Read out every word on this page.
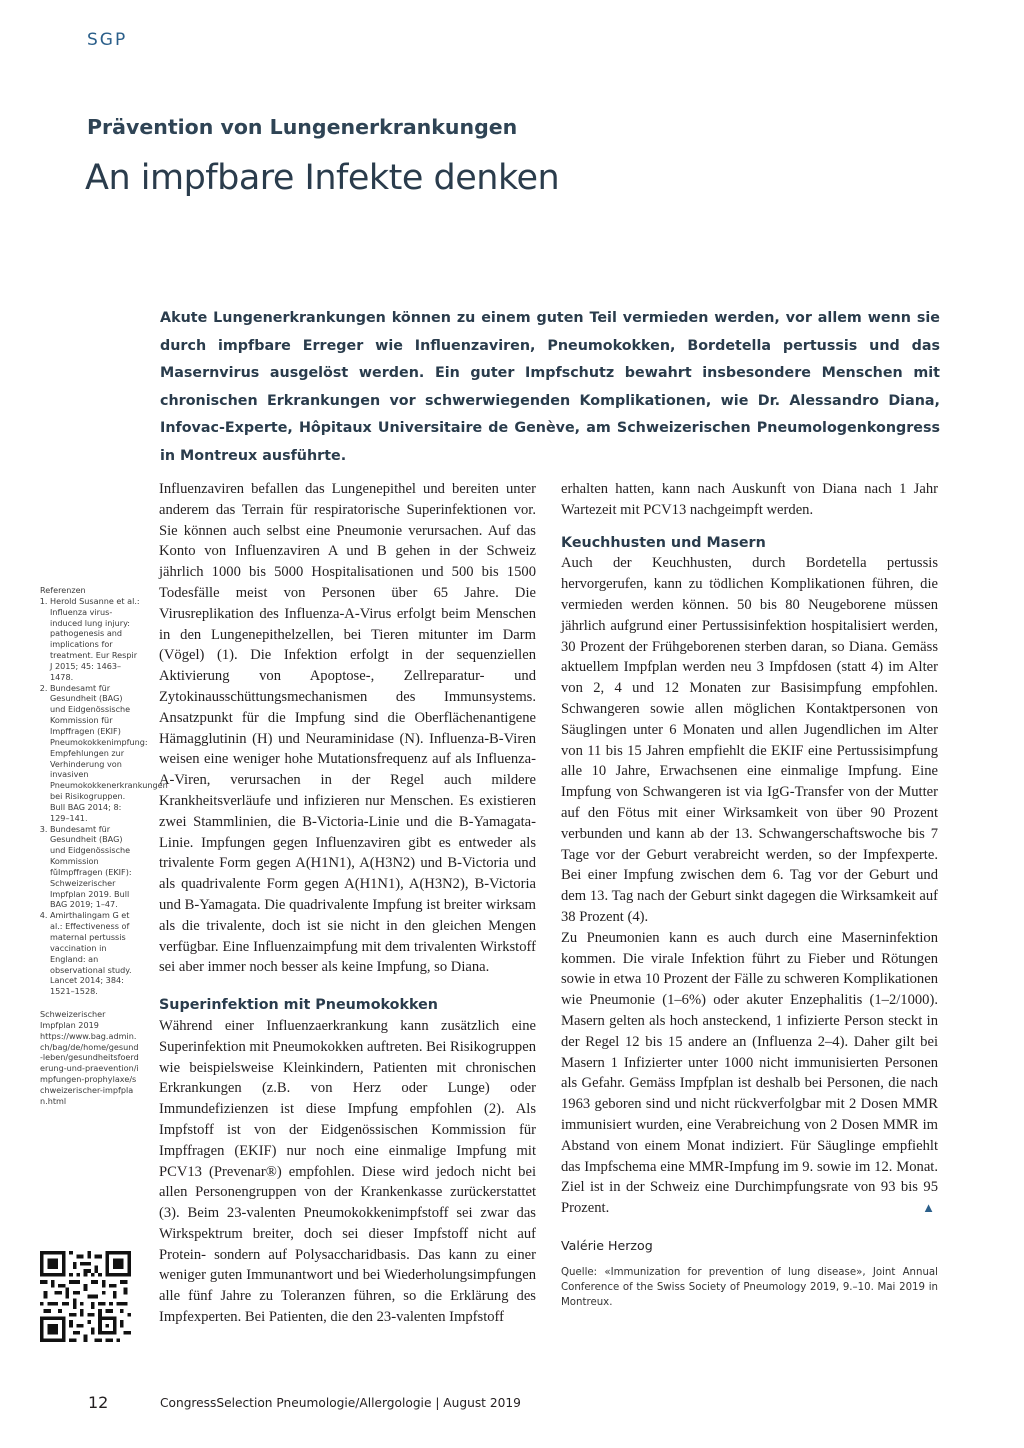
SGP
Prävention von Lungenerkrankungen
An impfbare Infekte denken
Akute Lungenerkrankungen können zu einem guten Teil vermieden werden, vor allem wenn sie durch impfbare Erreger wie Influenzaviren, Pneumokokken, Bordetella pertussis und das Masernvirus ausgelöst werden. Ein guter Impfschutz bewahrt insbesondere Menschen mit chronischen Erkrankungen vor schwerwiegenden Komplikationen, wie Dr. Alessandro Diana, Infovac-Experte, Hôpitaux Universitaire de Genève, am Schweizerischen Pneumologenkongress in Montreux ausführte.

Influenzaviren befallen das Lungenepithel und bereiten unter anderem das Terrain für respiratorische Superinfektionen vor. Sie können auch selbst eine Pneumonie verursachen. Auf das Konto von Influenzaviren A und B gehen in der Schweiz jährlich 1000 bis 5000 Hospitalisationen und 500 bis 1500 Todesfälle meist von Personen über 65 Jahre. Die Virusreplikation des Influenza-A-Virus erfolgt beim Menschen in den Lungenepithelzellen, bei Tieren mitunter im Darm (Vögel) (1). Die Infektion erfolgt in der sequenziellen Aktivierung von Apoptose-, Zellreparatur- und Zytokinausschüttungsmechanismen des Immunsystems. Ansatzpunkt für die Impfung sind die Oberflächenantigene Hämagglutinin (H) und Neuraminidase (N). Influenza-B-Viren weisen eine weniger hohe Mutationsfrequenz auf als Influenza-A-Viren, verursachen in der Regel auch mildere Krankheitsverläufe und infizieren nur Menschen. Es existieren zwei Stammlinien, die B-Victoria-Linie und die B-Yamagata-Linie. Impfungen gegen Influenzaviren gibt es entweder als trivalente Form gegen A(H1N1), A(H3N2) und B-Victoria und als quadrivalente Form gegen A(H1N1), A(H3N2), B-Victoria und B-Yamagata. Die quadrivalente Impfung ist breiter wirksam als die trivalente, doch ist sie nicht in den gleichen Mengen verfügbar. Eine Influenzaimpfung mit dem trivalenten Wirkstoff sei aber immer noch besser als keine Impfung, so Diana.

Superinfektion mit Pneumokokken

Während einer Influenzaerkrankung kann zusätzlich eine Superinfektion mit Pneumokokken auftreten. Bei Risikogruppen wie beispielsweise Kleinkindern, Patienten mit chronischen Erkrankungen (z.B. von Herz oder Lunge) oder Immundefizienzen ist diese Impfung empfohlen (2). Als Impfstoff ist von der Eidgenössischen Kommission für Impffragen (EKIF) nur noch eine einmalige Impfung mit PCV13 (Prevenar®) empfohlen. Diese wird jedoch nicht bei allen Personengruppen von der Krankenkasse zurückerstattet (3). Beim 23-valenten Pneumokokkenimpfstoff sei zwar das Wirkspektrum breiter, doch sei dieser Impfstoff nicht auf Protein- sondern auf Polysaccharidbasis. Das kann zu einer weniger guten Immunantwort und bei Wiederholungsimpfungen alle fünf Jahre zu Toleranzen führen, so die Erklärung des Impfexperten. Bei Patienten, die den 23-valenten Impfstoff

erhalten hatten, kann nach Auskunft von Diana nach 1 Jahr Wartezeit mit PCV13 nachgeimpft werden.
Keuchhusten und Masern

Auch der Keuchhusten, durch Bordetella pertussis hervorgerufen, kann zu tödlichen Komplikationen führen, die vermieden werden können. 50 bis 80 Neugeborene müssen jährlich aufgrund einer Pertussisinfektion hospitalisiert werden, 30 Prozent der Frühgeborenen sterben daran, so Diana. Gemäss aktuellem Impfplan werden neu 3 Impfdosen (statt 4) im Alter von 2, 4 und 12 Monaten zur Basisimpfung empfohlen. Schwangeren sowie allen möglichen Kontaktpersonen von Säuglingen unter 6 Monaten und allen Jugendlichen im Alter von 11 bis 15 Jahren empfiehlt die EKIF eine Pertussisimpfung alle 10 Jahre, Erwachsenen eine einmalige Impfung. Eine Impfung von Schwangeren ist via IgG-Transfer von der Mutter auf den Fötus mit einer Wirksamkeit von über 90 Prozent verbunden und kann ab der 13. Schwangerschaftswoche bis 7 Tage vor der Geburt verabreicht werden, so der Impfexperte. Bei einer Impfung zwischen dem 6. Tag vor der Geburt und dem 13. Tag nach der Geburt sinkt dagegen die Wirksamkeit auf 38 Prozent (4).

Zu Pneumonien kann es auch durch eine Maserninfektion kommen. Die virale Infektion führt zu Fieber und Rötungen sowie in etwa 10 Prozent der Fälle zu schweren Komplikationen wie Pneumonie (1–6%) oder akuter Enzephalitis (1–2/1000). Masern gelten als hoch ansteckend, 1 infizierte Person steckt in der Regel 12 bis 15 andere an (Influenza 2–4). Daher gilt bei Masern 1 Infizierter unter 1000 nicht immunisierten Personen als Gefahr. Gemäss Impfplan ist deshalb bei Personen, die nach 1963 geboren sind und nicht rückverfolgbar mit 2 Dosen MMR immunisiert wurden, eine Verabreichung von 2 Dosen MMR im Abstand von einem Monat indiziert. Für Säuglinge empfiehlt das Impfschema eine MMR-Impfung im 9. sowie im 12. Monat. Ziel ist in der Schweiz eine Durchimpfungsrate von 93 bis 95 Prozent.	▲

Valérie Herzog
Quelle: «Immunization for prevention of lung disease», Joint Annual Conference of the Swiss Society of Pneumology 2019, 9.–10. Mai 2019 in Montreux.

Referenzen

1. Herold Susanne et al.: Influenza virus-induced lung injury: pathogenesis and implications for treatment. Eur Respir J 2015; 45: 1463–1478.
2. Bundesamt für Gesundheit (BAG) und Eidgenössische Kommission für Impffragen (EKIF) Pneumokokkenimpfung: Empfehlungen zur Verhinderung von invasiven Pneumokokkenerkrankungen bei Risikogruppen. Bull BAG 2014; 8: 129–141.
3. Bundesamt für Gesundheit (BAG) und Eidgenössische Kommission fu̇̈Impffragen (EKIF): Schweizerischer Impfplan 2019. Bull BAG 2019; 1–47.
4. Amirthalingam G et al.: Effectiveness of maternal pertussis vaccination in England: an observational study. Lancet 2014; 384: 1521–1528.
Schweizerischer Impfplan 2019
https://www.bag.admin.ch/bag/de/home/gesund-leben/gesundheitsfoerderung-und-praevention/impfungen-prophylaxe/schweizerischer-impfplan.html
12	CongressSelection Pneumologie/Allergologie | August 2019
